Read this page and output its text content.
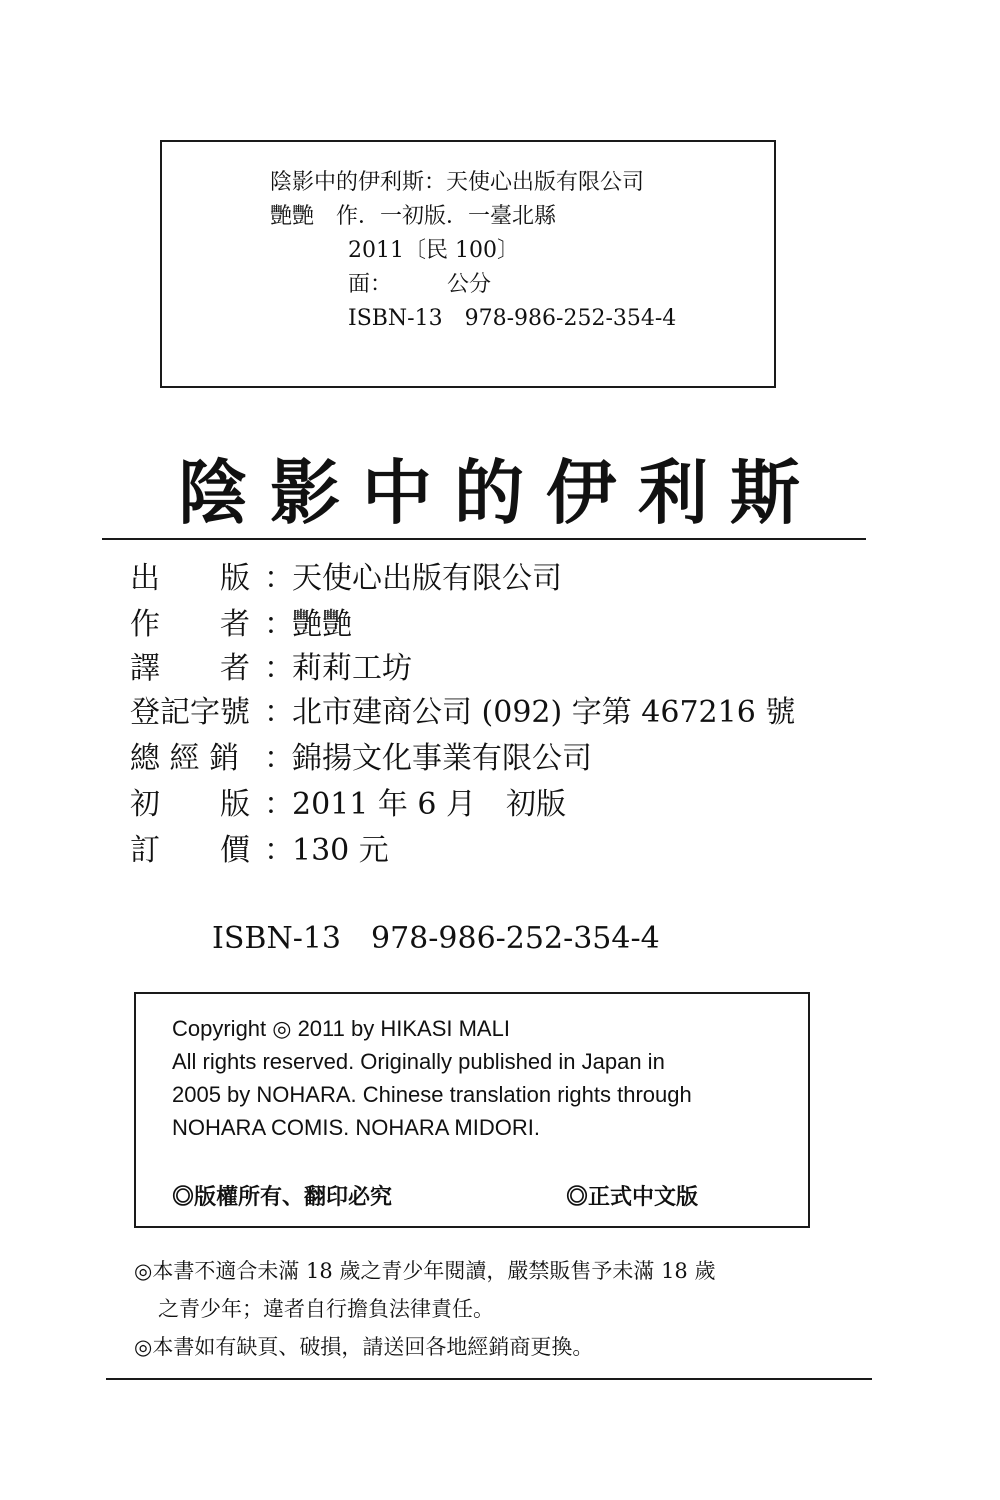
陰影中的伊利斯：天使心出版有限公司
艷艷　作．一初版．一臺北縣
2011〔民 100〕
面：　　　公分
ISBN-13　978-986-252-354-4
陰影中的伊利斯
出　　版 ：
天使心出版有限公司
作　　者 ：
艷艷
譯　　者 ：
莉莉工坊
登記字號 ：
北市建商公司 (092) 字第 467216 號
總 經 銷 ：
錦揚文化事業有限公司
初　　版 ：
2011 年 6 月　初版
訂　　價 ：
130 元
ISBN-13　978-986-252-354-4
Copyright ◎ 2011 by HIKASI MALI
All rights reserved. Originally published in Japan in
2005 by NOHARA. Chinese translation rights through
NOHARA COMIS. NOHARA MIDORI.
◎版權所有、翻印必究	◎正式中文版
◎本書不適合未滿 18 歲之青少年閱讀，嚴禁販售予未滿 18 歲
之青少年；違者自行擔負法律責任。
◎本書如有缺頁、破損，請送回各地經銷商更換。
